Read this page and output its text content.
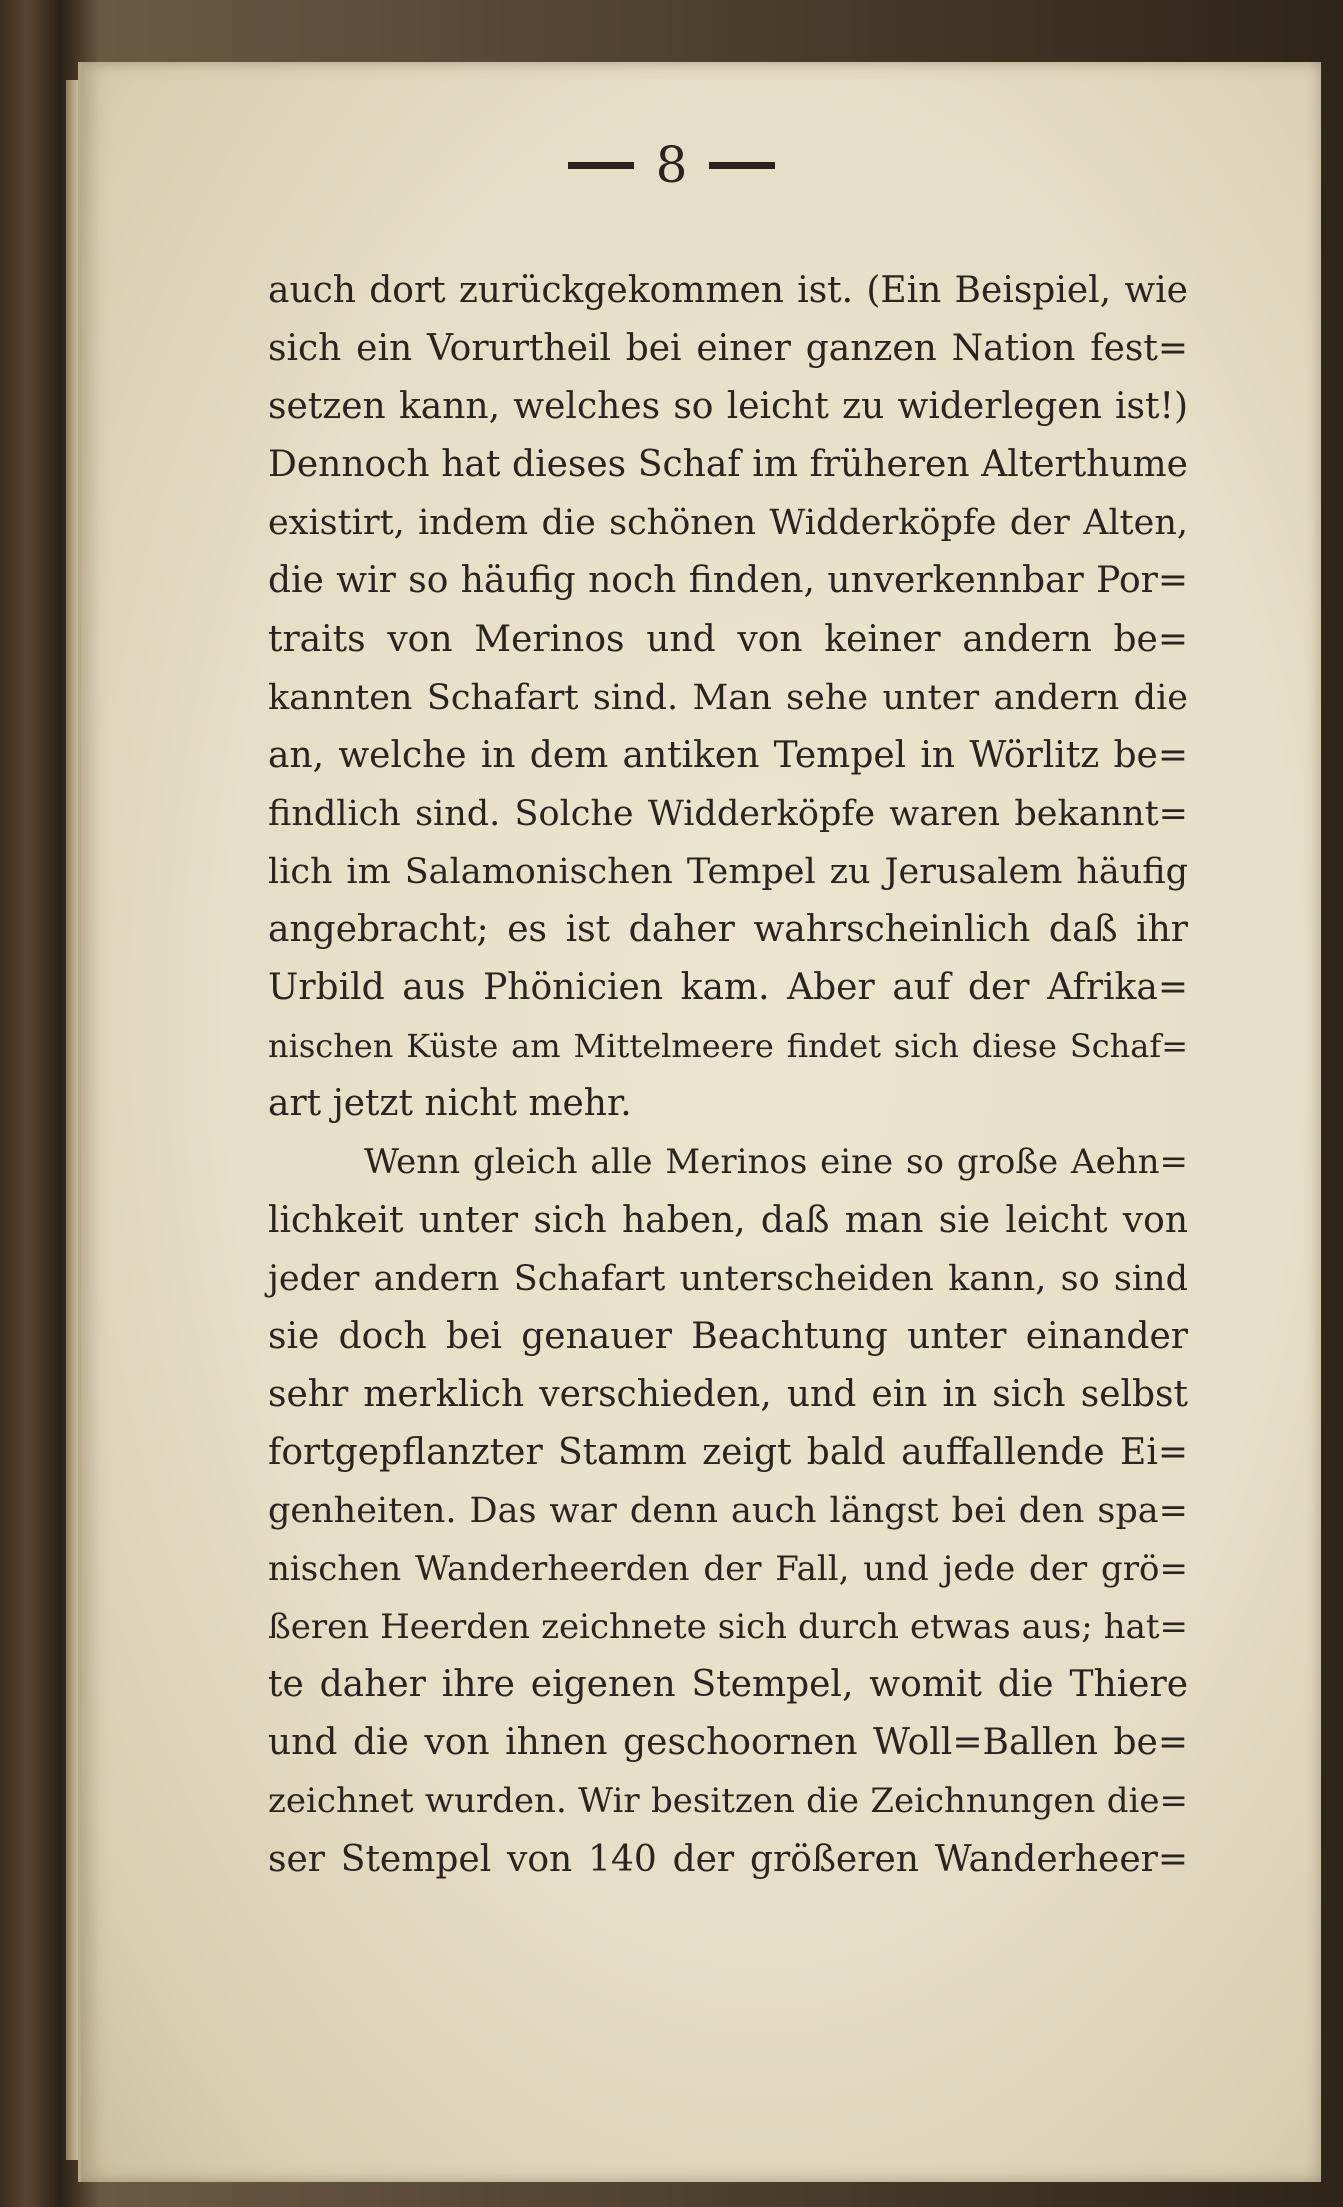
8
auch dort zurückgekommen ist. (Ein Beispiel, wie
sich ein Vorurtheil bei einer ganzen Nation fest=
setzen kann, welches so leicht zu widerlegen ist!)
Dennoch hat dieses Schaf im früheren Alterthume
existirt, indem die schönen Widderköpfe der Alten,
die wir so häufig noch finden, unverkennbar Por=
traits von Merinos und von keiner andern be=
kannten Schafart sind. Man sehe unter andern die
an, welche in dem antiken Tempel in Wörlitz be=
findlich sind. Solche Widderköpfe waren bekannt=
lich im Salamonischen Tempel zu Jerusalem häufig
angebracht; es ist daher wahrscheinlich daß ihr
Urbild aus Phönicien kam. Aber auf der Afrika=
nischen Küste am Mittelmeere findet sich diese Schaf=
art jetzt nicht mehr.
Wenn gleich alle Merinos eine so große Aehn=
lichkeit unter sich haben, daß man sie leicht von
jeder andern Schafart unterscheiden kann, so sind
sie doch bei genauer Beachtung unter einander
sehr merklich verschieden, und ein in sich selbst
fortgepflanzter Stamm zeigt bald auffallende Ei=
genheiten. Das war denn auch längst bei den spa=
nischen Wanderheerden der Fall, und jede der grö=
ßeren Heerden zeichnete sich durch etwas aus; hat=
te daher ihre eigenen Stempel, womit die Thiere
und die von ihnen geschoornen Woll=Ballen be=
zeichnet wurden. Wir besitzen die Zeichnungen die=
ser Stempel von 140 der größeren Wanderheer=
